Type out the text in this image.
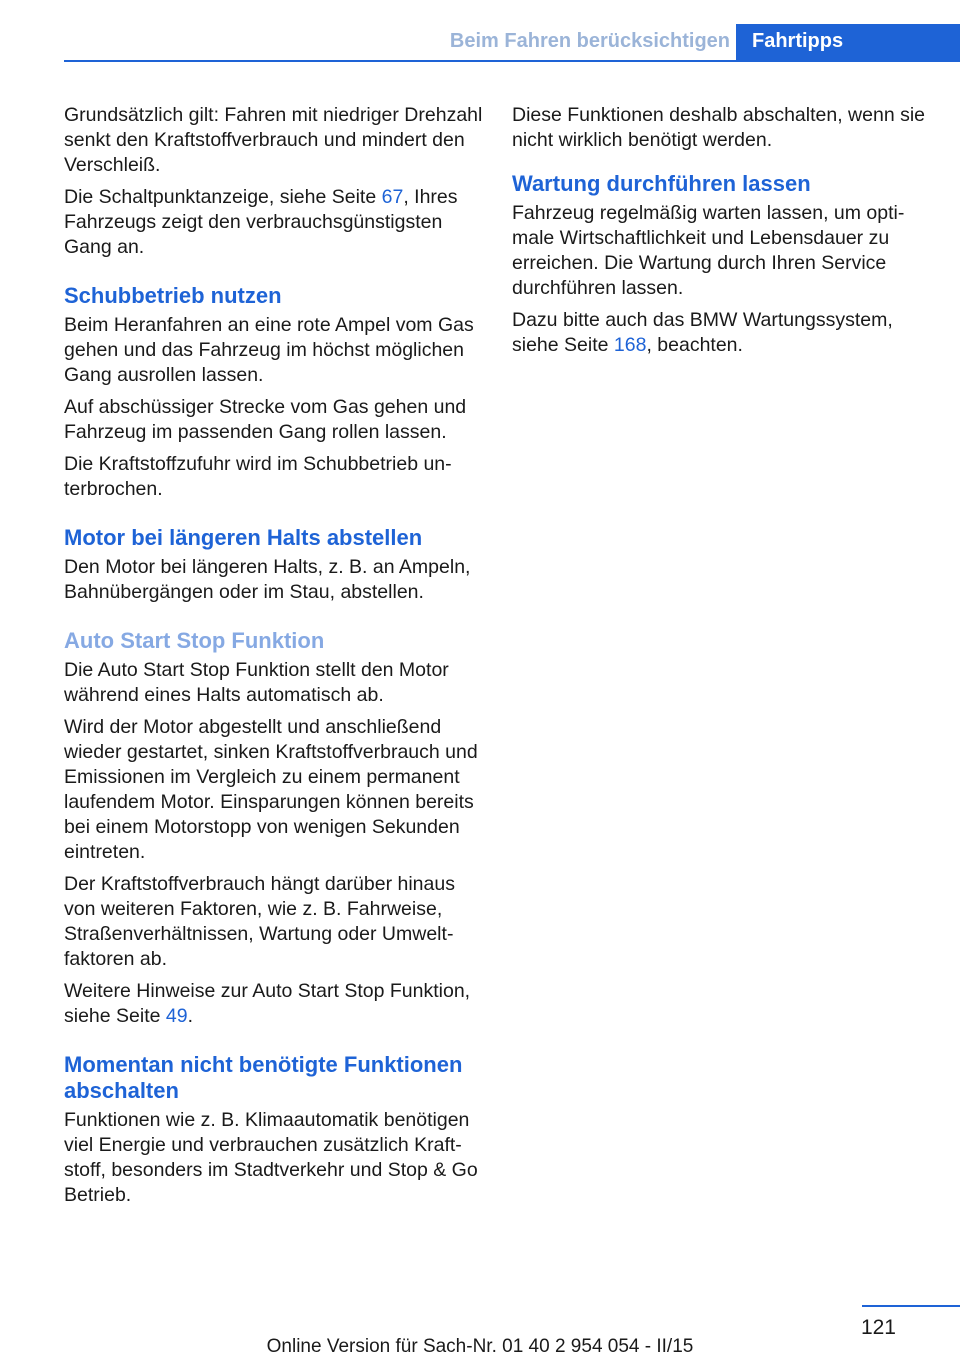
Beim Fahren berücksichtigen	Fahrtipps

Grundsätzlich gilt: Fahren mit niedriger Drehzahl senkt den Kraftstoffverbrauch und mindert den Verschleiß.

Die Schaltpunktanzeige, siehe Seite 67, Ihres Fahrzeugs zeigt den verbrauchsgünstigsten Gang an.

Schubbetrieb nutzen

Beim Heranfahren an eine rote Ampel vom Gas gehen und das Fahrzeug im höchst möglichen Gang ausrollen lassen.

Auf abschüssiger Strecke vom Gas gehen und Fahrzeug im passenden Gang rollen lassen.

Die Kraftstoffzufuhr wird im Schubbetrieb unterbrochen.

Motor bei längeren Halts abstellen

Den Motor bei längeren Halts, z. B. an Ampeln, Bahnübergängen oder im Stau, abstellen.

Auto Start Stop Funktion

Die Auto Start Stop Funktion stellt den Motor während eines Halts automatisch ab.

Wird der Motor abgestellt und anschließend wieder gestartet, sinken Kraftstoffverbrauch und Emissionen im Vergleich zu einem permanent laufendem Motor. Einsparungen können bereits bei einem Motorstopp von wenigen Sekunden eintreten.

Der Kraftstoffverbrauch hängt darüber hinaus von weiteren Faktoren, wie z. B. Fahrweise, Straßenverhältnissen, Wartung oder Umweltfaktoren ab.

Weitere Hinweise zur Auto Start Stop Funktion, siehe Seite 49.

Momentan nicht benötigte Funktionen abschalten

Funktionen wie z. B. Klimaautomatik benötigen viel Energie und verbrauchen zusätzlich Kraftstoff, besonders im Stadtverkehr und Stop & Go Betrieb.

Diese Funktionen deshalb abschalten, wenn sie nicht wirklich benötigt werden.

Wartung durchführen lassen

Fahrzeug regelmäßig warten lassen, um optimale Wirtschaftlichkeit und Lebensdauer zu erreichen. Die Wartung durch Ihren Service durchführen lassen.

Dazu bitte auch das BMW Wartungssystem, siehe Seite 168, beachten.

121
Online Version für Sach-Nr. 01 40 2 954 054 - II/15
